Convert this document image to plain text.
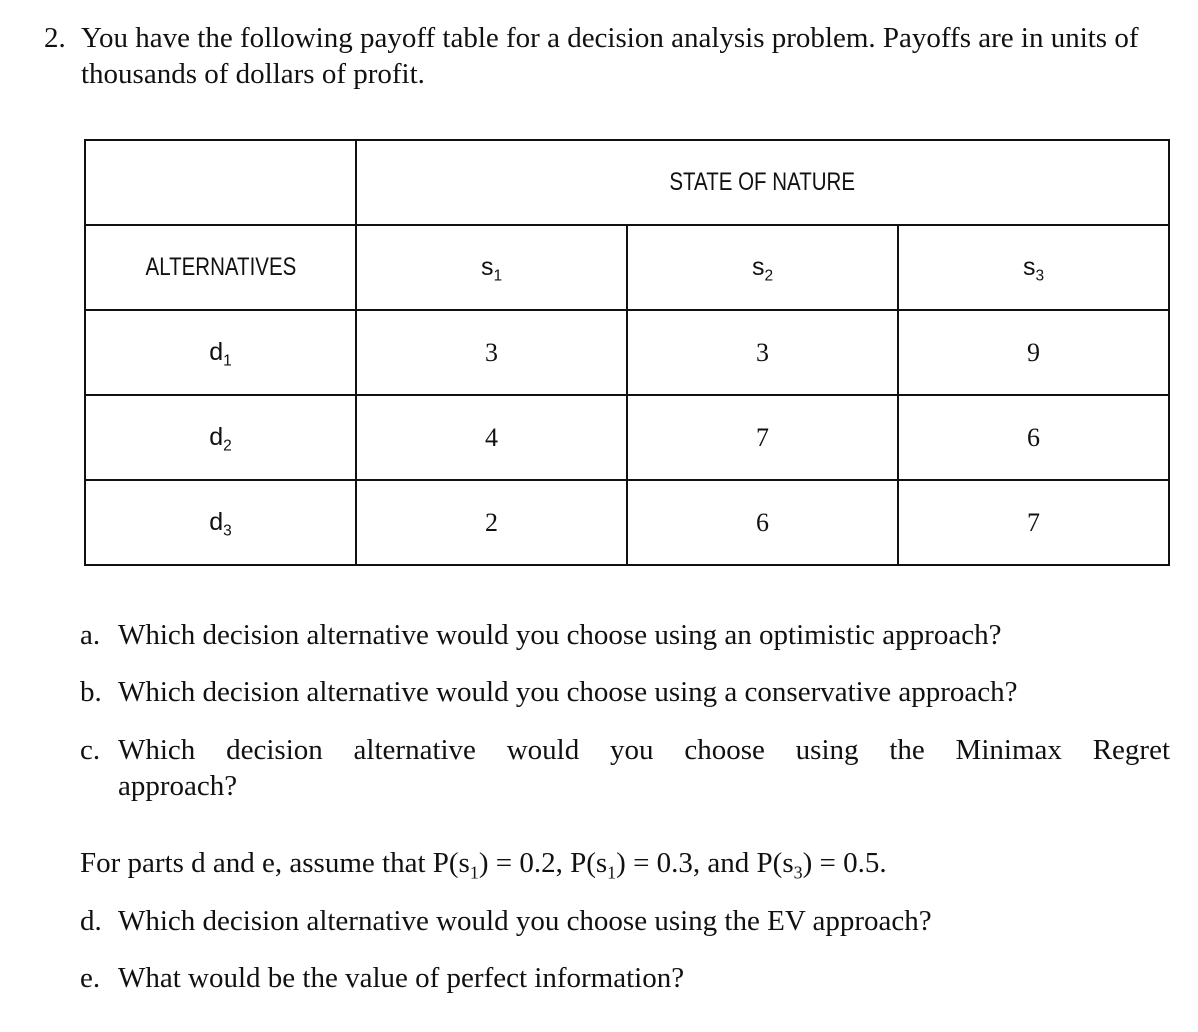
2. You have the following payoff table for a decision analysis problem. Payoffs are in units of thousands of dollars of profit.
	STATE OF NATURE		
ALTERNATIVES	$s_1$	$s_2$	$s_3$
$d_1$	3	3	9
$d_2$	4	7	6
$d_3$	2	6	7
a. Which decision alternative would you choose using an optimistic approach?
b. Which decision alternative would you choose using a conservative approach?
c. Which decision alternative would you choose using the Minimax Regret
approach?
For parts d and e, assume that $P(s_1) = 0.2$, $P(s_1) = 0.3$, and $P(s_3) = 0.5$.
d. Which decision alternative would you choose using the EV approach?
e. What would be the value of perfect information?
